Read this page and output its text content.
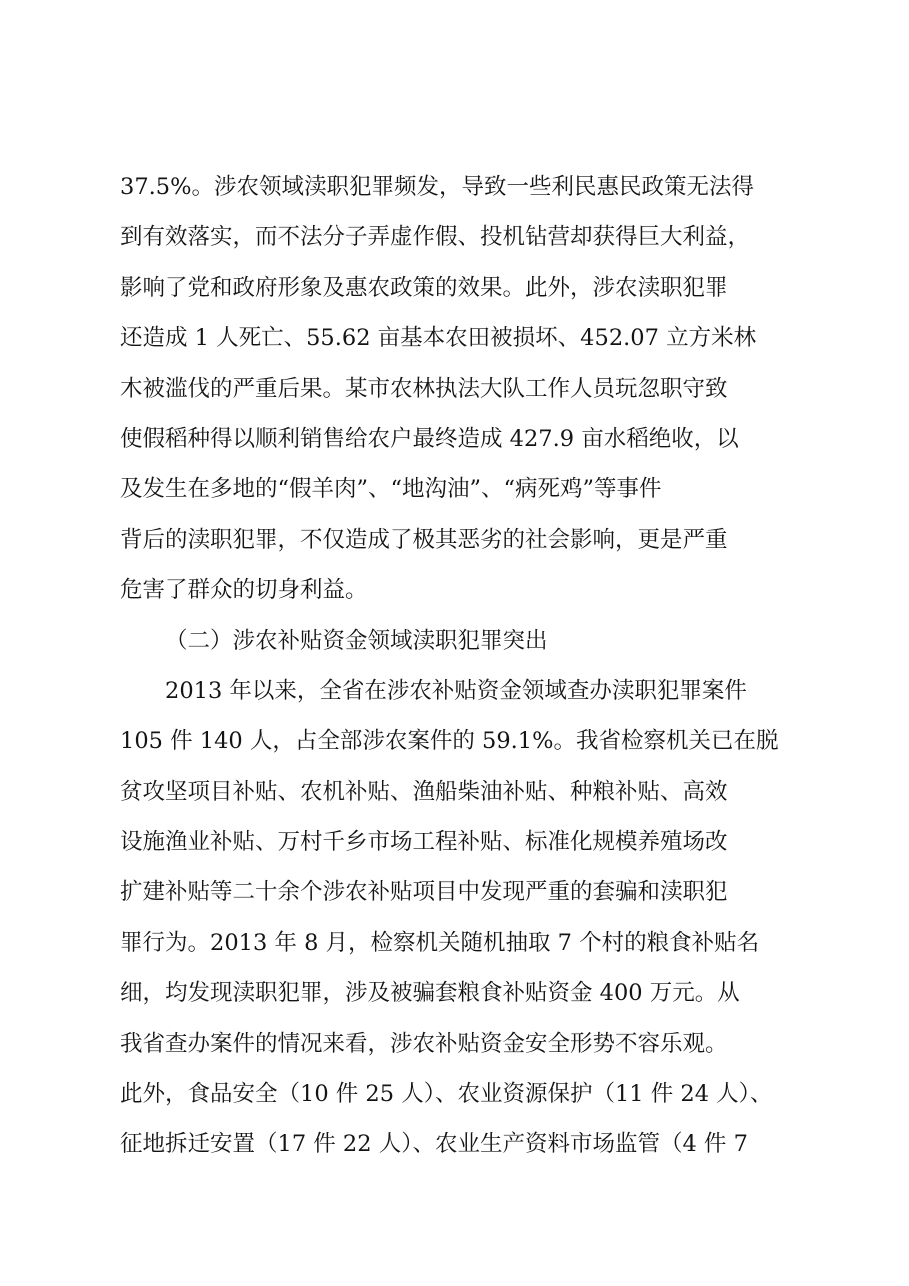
37.5%。涉农领域渎职犯罪频发，导致一些利民惠民政策无法得
到有效落实，而不法分子弄虚作假、投机钻营却获得巨大利益，
影响了党和政府形象及惠农政策的效果。此外，涉农渎职犯罪
还造成 1 人死亡、55.62 亩基本农田被损坏、452.07 立方米林
木被滥伐的严重后果。某市农林执法大队工作人员玩忽职守致
使假稻种得以顺利销售给农户最终造成 427.9 亩水稻绝收，以
及发生在多地的“假羊肉”、“地沟油”、“病死鸡”等事件
背后的渎职犯罪，不仅造成了极其恶劣的社会影响，更是严重
危害了群众的切身利益。
（二）涉农补贴资金领域渎职犯罪突出
2013 年以来，全省在涉农补贴资金领域查办渎职犯罪案件
105 件 140 人，占全部涉农案件的 59.1%。我省检察机关已在脱
贫攻坚项目补贴、农机补贴、渔船柴油补贴、种粮补贴、高效
设施渔业补贴、万村千乡市场工程补贴、标准化规模养殖场改
扩建补贴等二十余个涉农补贴项目中发现严重的套骗和渎职犯
罪行为。2013 年 8 月，检察机关随机抽取 7 个村的粮食补贴名
细，均发现渎职犯罪，涉及被骗套粮食补贴资金 400 万元。从
我省查办案件的情况来看，涉农补贴资金安全形势不容乐观。
此外，食品安全（10 件 25 人）、农业资源保护（11 件 24 人）、
征地拆迁安置（17 件 22 人）、农业生产资料市场监管（4 件 7
